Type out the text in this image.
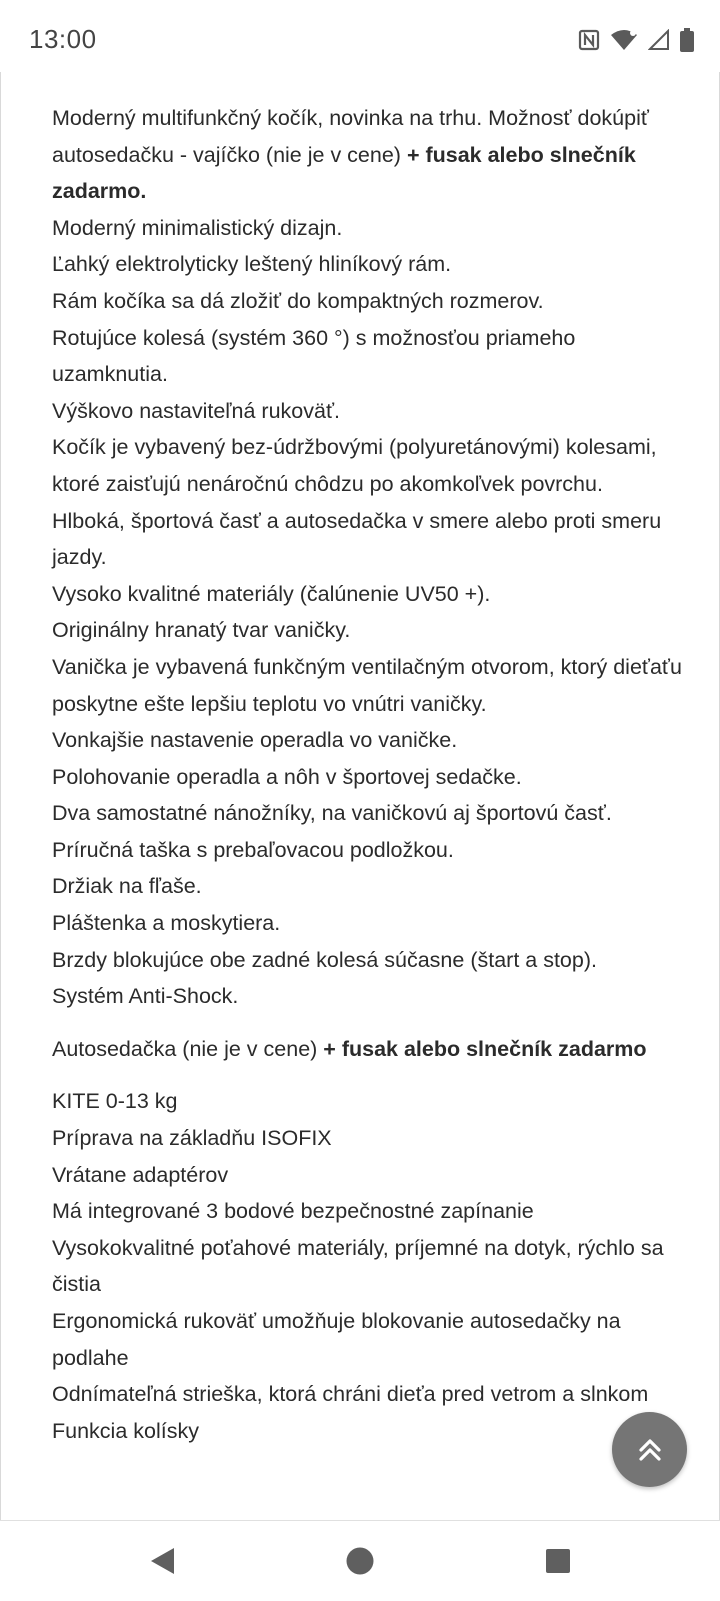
13:00
Moderný multifunkčný kočík, novinka na trhu. Možnosť dokúpiť autosedačku - vajíčko (nie je v cene) + fusak alebo slnečník zadarmo.
Moderný minimalistický dizajn.
Ľahký elektrolyticky leštený hliníkový rám.
Rám kočíka sa dá zložiť do kompaktných rozmerov.
Rotujúce kolesá (systém 360 °) s možnosťou priameho uzamknutia.
Výškovo nastaviteľná rukoväť.
Kočík je vybavený bez-údržbovými (polyuretánovými) kolesami, ktoré zaisťujú nenáročnú chôdzu po akomkoľvek povrchu.
Hlboká, športová časť a autosedačka v smere alebo proti smeru jazdy.
Vysoko kvalitné materiály (čalúnenie UV50 +).
Originálny hranatý tvar vaničky.
Vanička je vybavená funkčným ventilačným otvorom, ktorý dieťaťu poskytne ešte lepšiu teplotu vo vnútri vaničky.
Vonkajšie nastavenie operadla vo vaničke.
Polohovanie operadla a nôh v športovej sedačke.
Dva samostatné nánožníky, na vaničkovú aj športovú časť.
Príručná taška s prebaľovacou podložkou.
Držiak na fľaše.
Pláštenka a moskytiera.
Brzdy blokujúce obe zadné kolesá súčasne (štart a stop).
Systém Anti-Shock.
Autosedačka (nie je v cene) + fusak alebo slnečník zadarmo
KITE 0-13 kg
Príprava na základňu ISOFIX
Vrátane adaptérov
Má integrované 3 bodové bezpečnostné zapínanie
Vysokokvalitné poťahové materiály, príjemné na dotyk, rýchlo sa čistia
Ergonomická rukoväť umožňuje blokovanie autosedačky na podlahe
Odnímateľná strieška, ktorá chráni dieťa pred vetrom a slnkom
Funkcia kolísky
